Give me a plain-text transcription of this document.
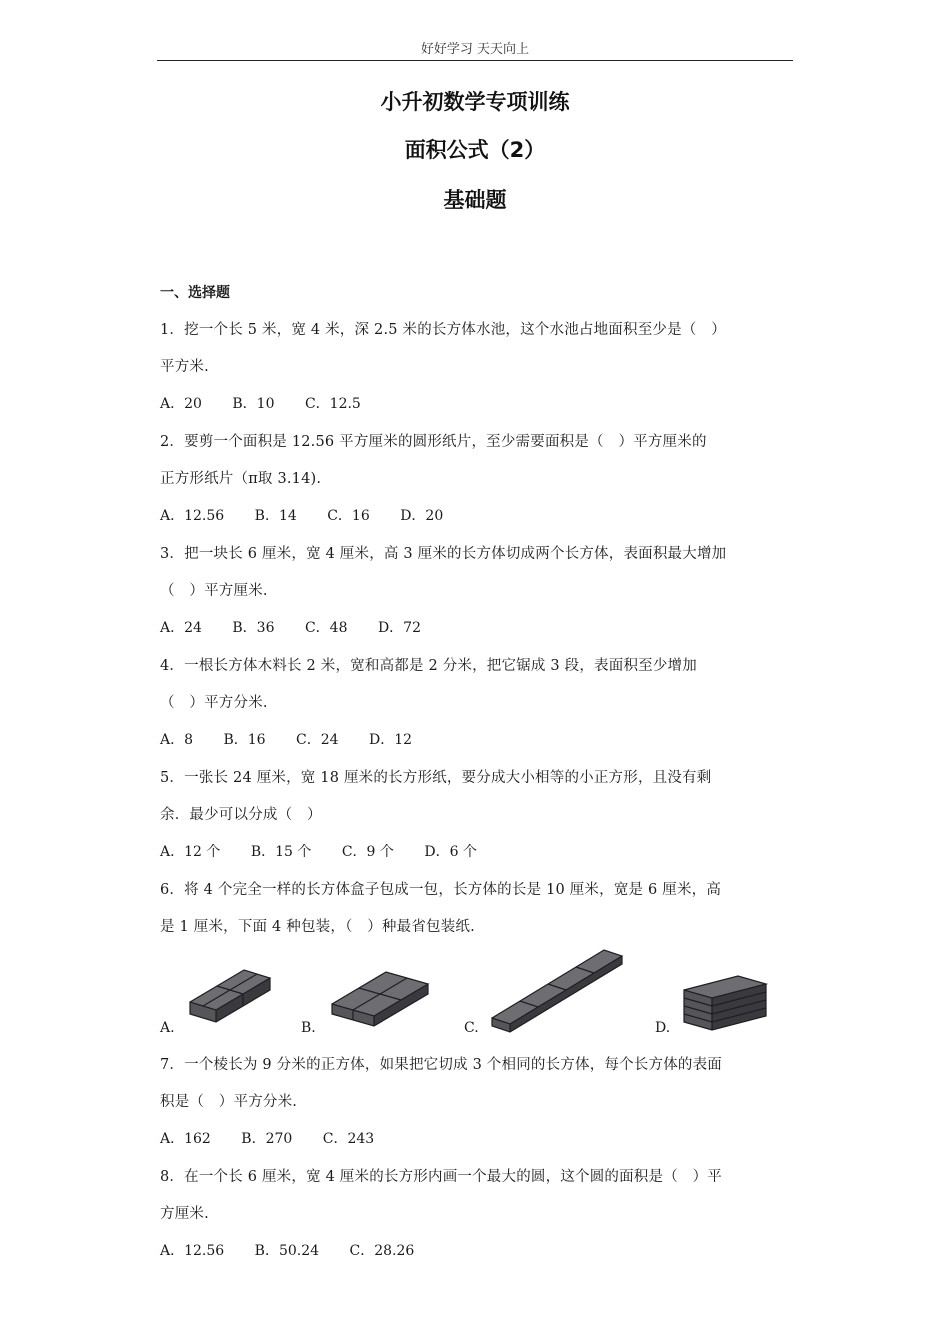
好好学习 天天向上
小升初数学专项训练
面积公式（2）
基础题
一、选择题
1．挖一个长 5 米，宽 4 米，深 2.5 米的长方体水池，这个水池占地面积至少是（　）
平方米.
A．20 B．10 C．12.5
2．要剪一个面积是 12.56 平方厘米的圆形纸片，至少需要面积是（　）平方厘米的
正方形纸片（π取 3.14).
A．12.56 B．14 C．16 D．20
3．把一块长 6 厘米，宽 4 厘米，高 3 厘米的长方体切成两个长方体，表面积最大增加
（　）平方厘米.
A．24 B．36 C．48 D．72
4．一根长方体木料长 2 米，宽和高都是 2 分米，把它锯成 3 段，表面积至少增加
（　）平方分米.
A．8 B．16 C．24 D．12
5．一张长 24 厘米，宽 18 厘米的长方形纸，要分成大小相等的小正方形，且没有剩
余．最少可以分成（　）
A．12 个 B．15 个 C．9 个 D．6 个
6．将 4 个完全一样的长方体盒子包成一包，长方体的长是 10 厘米，宽是 6 厘米，高
是 1 厘米，下面 4 种包装，（　）种最省包装纸.
A.	B.	C.	D.
7．一个棱长为 9 分米的正方体，如果把它切成 3 个相同的长方体，每个长方体的表面
积是（　）平方分米.
A．162 B．270 C．243
8．在一个长 6 厘米，宽 4 厘米的长方形内画一个最大的圆，这个圆的面积是（　）平
方厘米.
A．12.56 B．50.24 C．28.26
